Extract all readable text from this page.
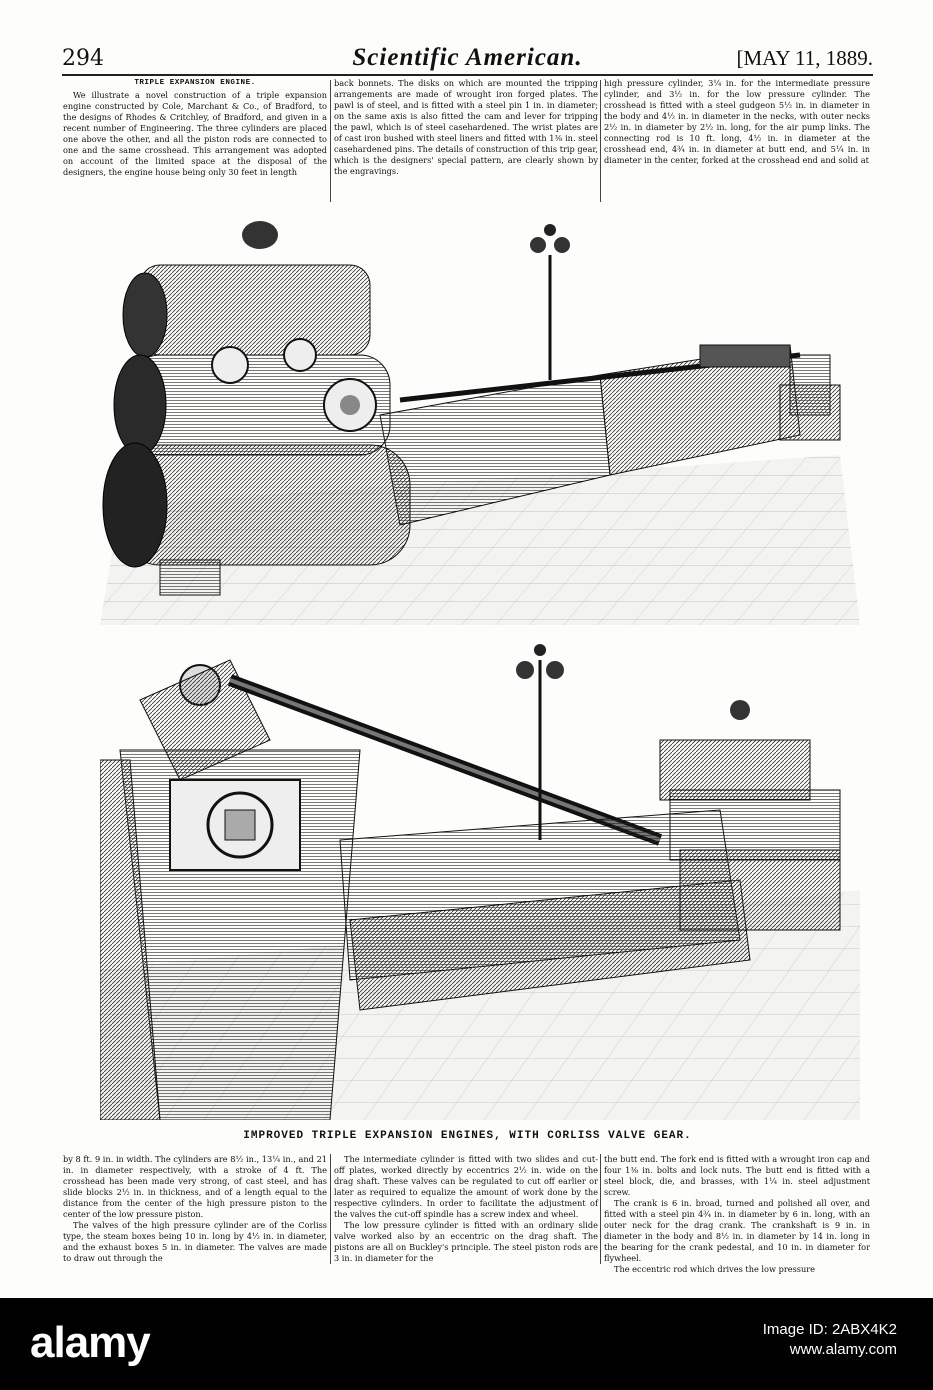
294	Scientific American.	[MAY 11, 1889.

TRIPLE EXPANSION ENGINE.

We illustrate a novel construction of a triple expansion engine constructed by Cole, Marchant & Co., of Bradford, to the designs of Rhodes & Critchley, of Bradford, and given in a recent number of Engineering. The three cylinders are placed one above the other, and all the piston rods are connected to one and the same crosshead. This arrangement was adopted on account of the limited space at the disposal of the designers, the engine house being only 30 feet in length

back bonnets. The disks on which are mounted the tripping arrangements are made of wrought iron forged plates. The pawl is of steel, and is fitted with a steel pin 1 in. in diameter; on the same axis is also fitted the cam and lever for tripping the pawl, which is of steel casehardened. The wrist plates are of cast iron bushed with steel liners and fitted with 1⅜ in. steel casehardened pins. The details of construction of this trip gear, which is the designers' special pattern, are clearly shown by the engravings.

high pressure cylinder, 3¼ in. for the intermediate pressure cylinder, and 3½ in. for the low pressure cylinder. The crosshead is fitted with a steel gudgeon 5½ in. in diameter in the body and 4½ in. in diameter in the necks, with outer necks 2½ in. in diameter by 2½ in. long, for the air pump links. The connecting rod is 10 ft. long, 4½ in. in diameter at the crosshead end, 4¾ in. in diameter at butt end, and 5¼ in. in diameter in the center, forked at the crosshead end and solid at

IMPROVED TRIPLE EXPANSION ENGINES, WITH CORLISS VALVE GEAR.

by 8 ft. 9 in. in width. The cylinders are 8½ in., 13¼ in., and 21 in. in diameter respectively, with a stroke of 4 ft. The crosshead has been made very strong, of cast steel, and has slide blocks 2½ in. in thickness, and of a length equal to the distance from the center of the high pressure piston to the center of the low pressure piston.

The valves of the high pressure cylinder are of the Corliss type, the steam boxes being 10 in. long by 4½ in. in diameter, and the exhaust boxes 5 in. in diameter. The valves are made to draw out through the

The intermediate cylinder is fitted with two slides and cut-off plates, worked directly by eccentrics 2½ in. wide on the drag shaft. These valves can be regulated to cut off earlier or later as required to equalize the amount of work done by the respective cylinders. In order to facilitate the adjustment of the valves the cut-off spindle has a screw index and wheel.

The low pressure cylinder is fitted with an ordinary slide valve worked also by an eccentric on the drag shaft. The pistons are all on Buckley's principle. The steel piston rods are 3 in. in diameter for the

the butt end. The fork end is fitted with a wrought iron cap and four 1⅜ in. bolts and lock nuts. The butt end is fitted with a steel block, die, and brasses, with 1¼ in. steel adjustment screw.

The crank is 6 in. broad, turned and polished all over, and fitted with a steel pin 4¾ in. in diameter by 6 in. long, with an outer neck for the drag crank. The crankshaft is 9 in. in diameter in the body and 8½ in. in diameter by 14 in. long in the bearing for the crank pedestal, and 10 in. in diameter for flywheel.

The eccentric rod which drives the low pressure

alamy	Image ID: 2ABX4K2
www.alamy.com
